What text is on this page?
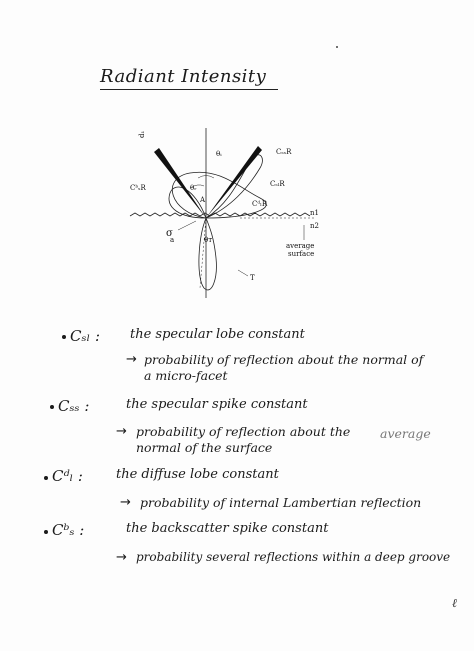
Radiant Intensity
d₁
θᵢ
θᵣ
A
CₛₛR
CᵇₛR	CₛₗR
CᵈₗR
n1
n2
average
surface
σ
a	θᴛ
T
Cₛₗ : the specular lobe constant
→ probability of reflection about the normal of
a micro-facet
Cₛₛ :	the specular spike constant
→ probability of reflection about the average
normal of the surface
Cᵈₗ :	the diffuse lobe constant
→ probability of internal Lambertian reflection
Cᵇₛ :	the backscatter spike constant
→ probability several reflections within a deep groove
ℓ
